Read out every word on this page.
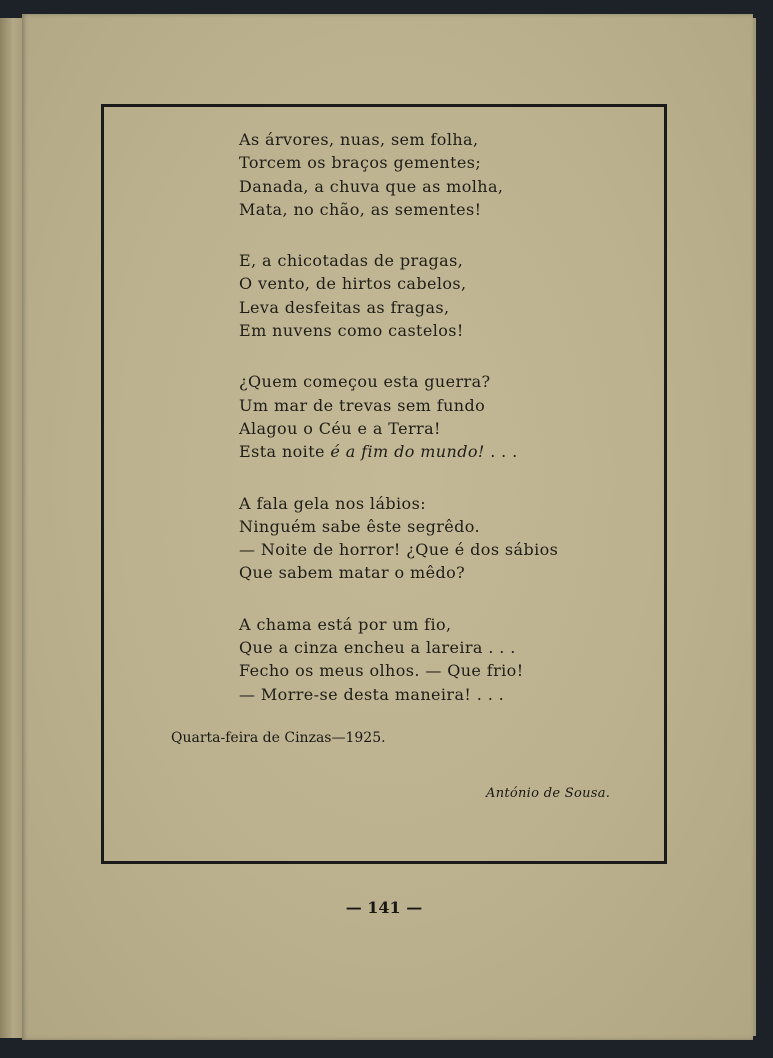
As árvores, nuas, sem folha,
Torcem os braços gementes;
Danada, a chuva que as molha,
Mata, no chão, as sementes!
E, a chicotadas de pragas,
O vento, de hirtos cabelos,
Leva desfeitas as fragas,
Em nuvens como castelos!
¿Quem começou esta guerra?
Um mar de trevas sem fundo
Alagou o Céu e a Terra!
Esta noite é a fim do mundo! . . .
A fala gela nos lábios:
Ninguém sabe êste segrêdo.
— Noite de horror! ¿Que é dos sábios
Que sabem matar o mêdo?
A chama está por um fio,
Que a cinza encheu a lareira . . .
Fecho os meus olhos. — Que frio!
— Morre-se desta maneira! . . .
Quarta-feira de Cinzas—1925.
António de Sousa.
— 141 —
